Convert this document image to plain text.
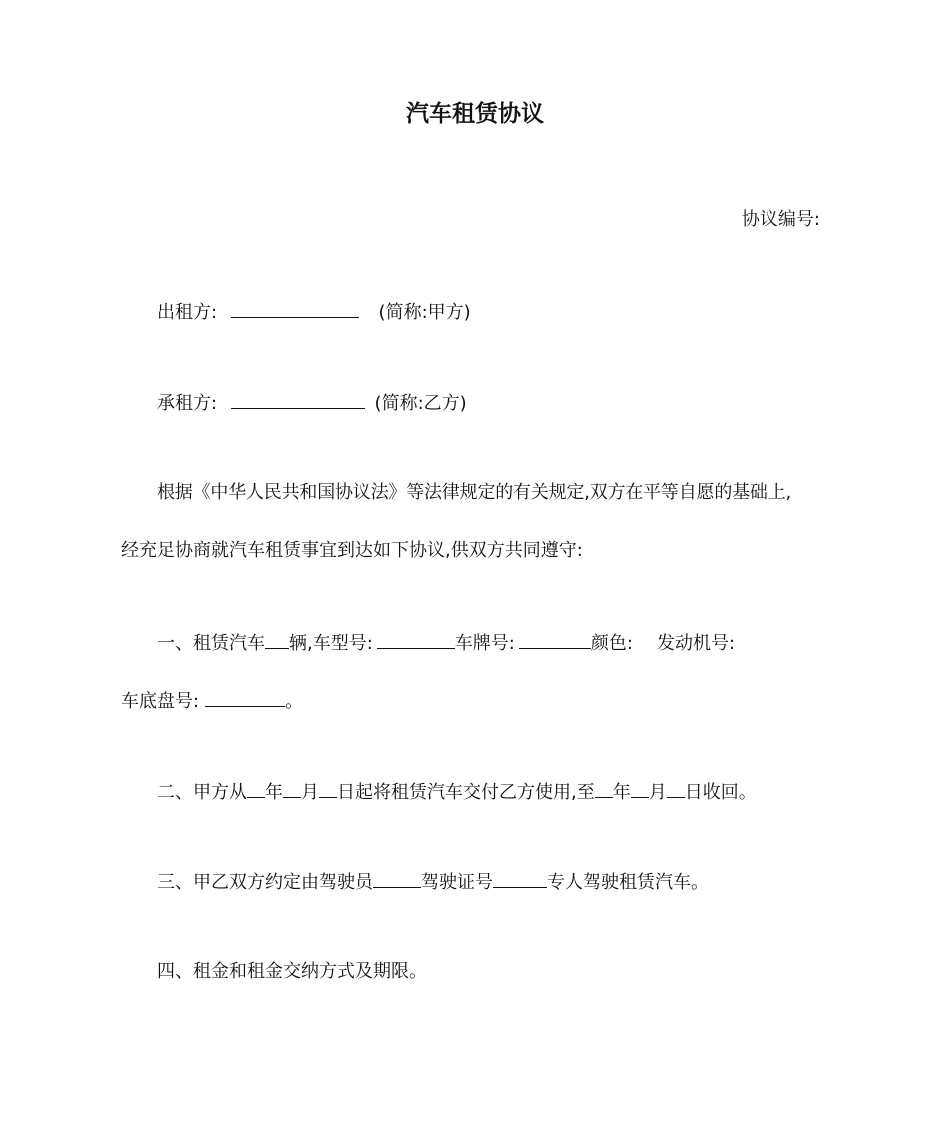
汽车租赁协议
协议编号:
出租方:	(简称:甲方)
承租方:	(简称:乙方)
根据《中华人民共和国协议法》等法律规定的有关规定,双方在平等自愿的基础上,
经充足协商就汽车租赁事宜到达如下协议,供双方共同遵守:
一、租赁汽车 辆,车型号:	车牌号:	颜色: 发动机号:
车底盘号:	。
二、甲方从 年 月 日起将租赁汽车交付乙方使用,至 年 月 日收回。
三、甲乙双方约定由驾驶员	驾驶证号	专人驾驶租赁汽车。
四、租金和租金交纳方式及期限。
